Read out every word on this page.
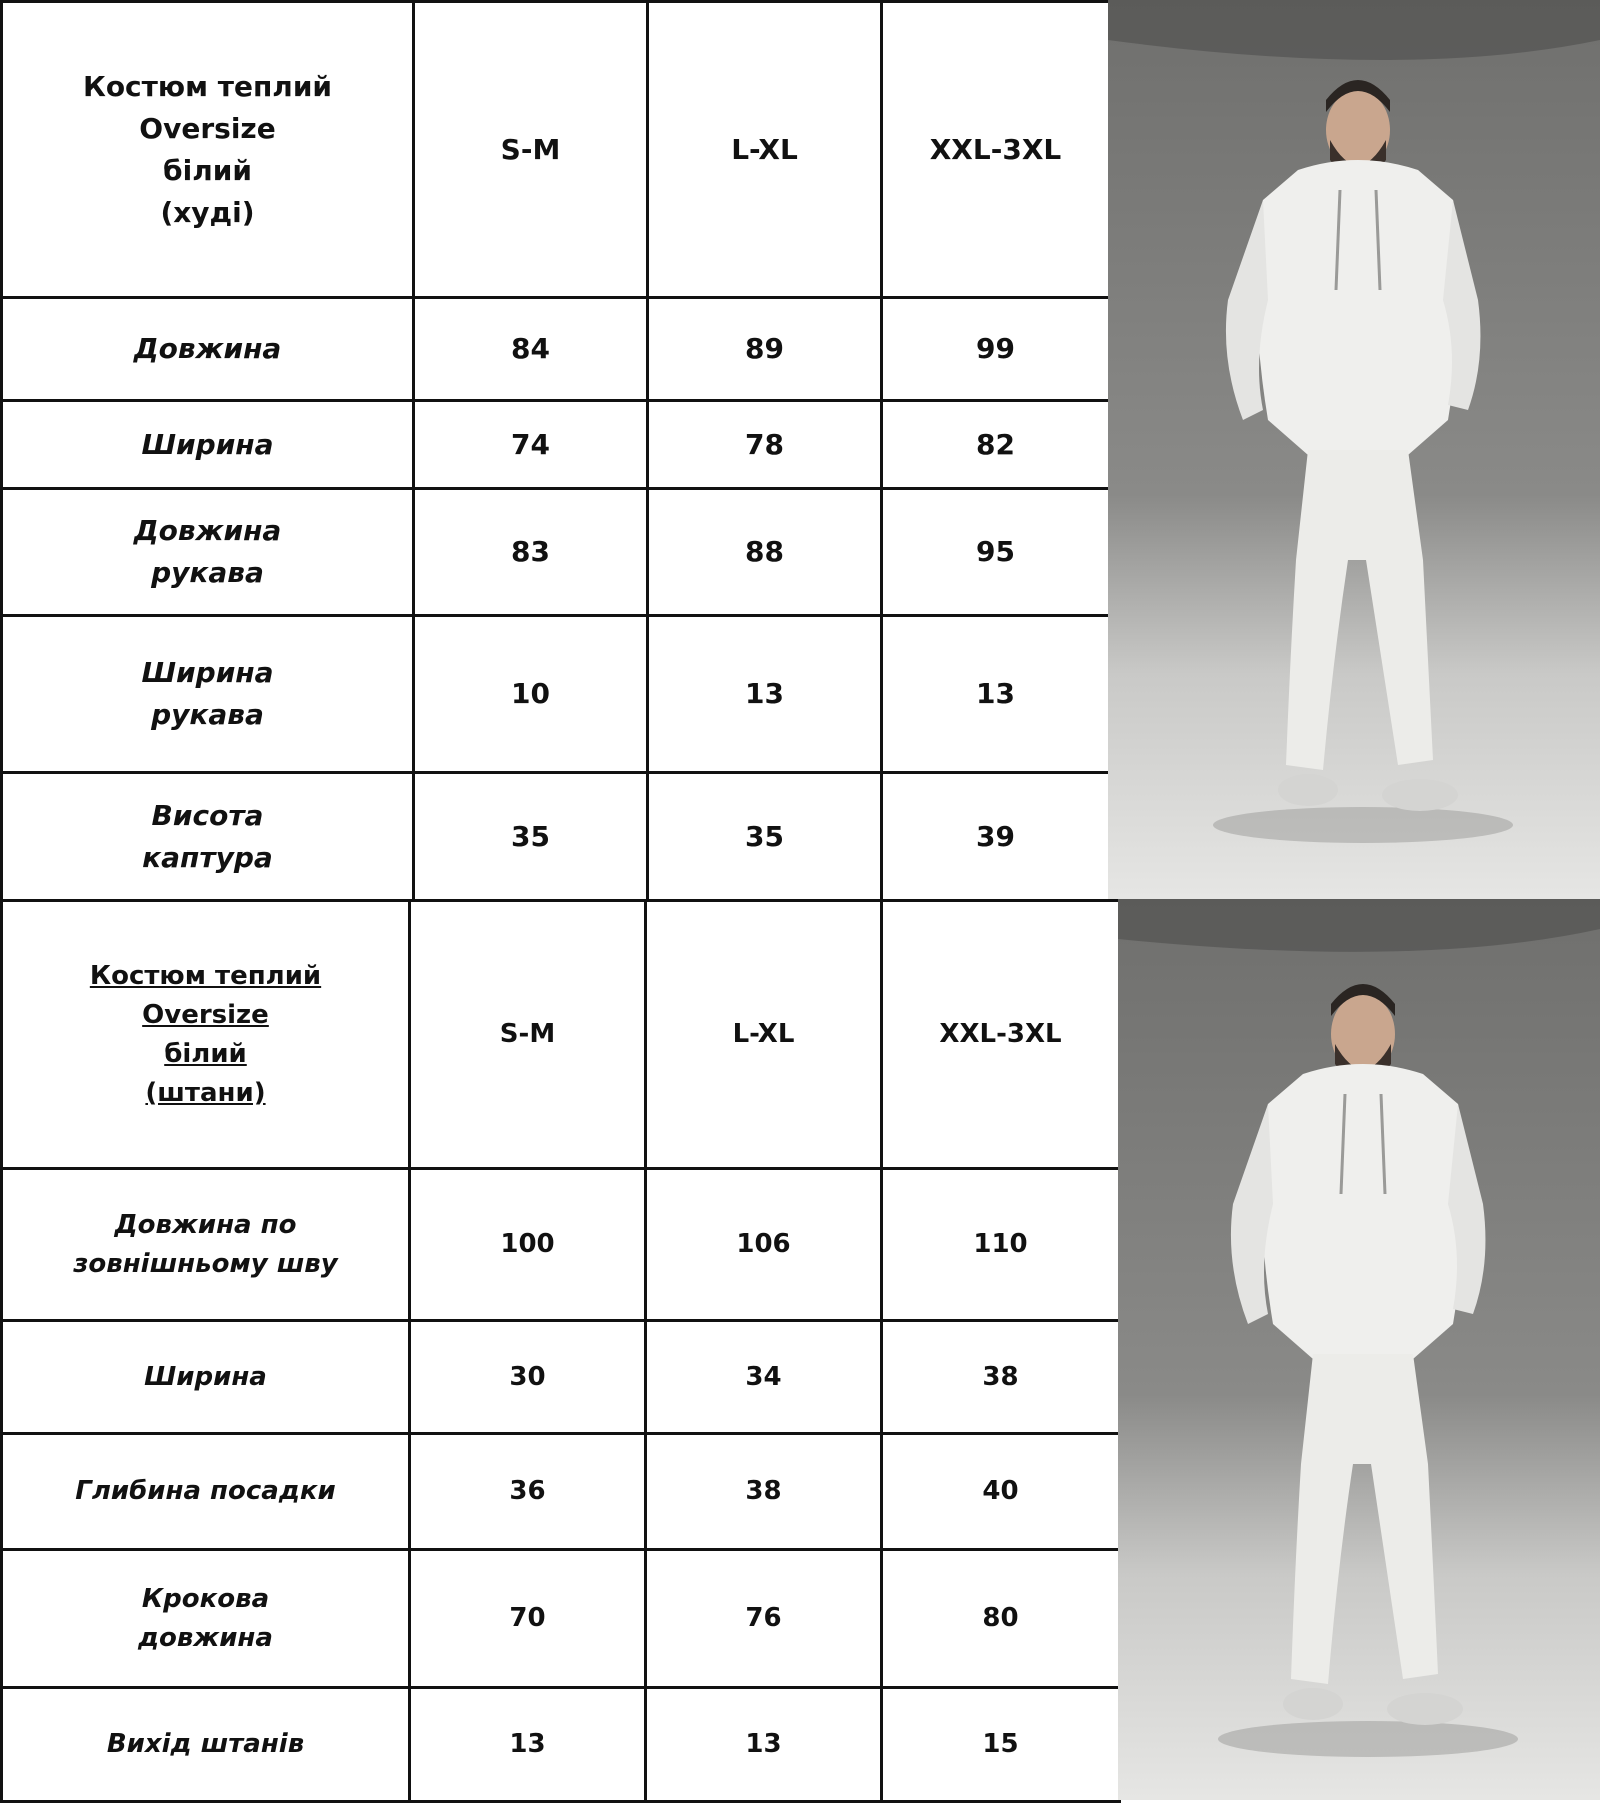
Костюм теплий
Oversize
білий
(худі)	S-M	L-XL	XXL-3XL

Довжина	84	89	99

Ширина	74	78	82

Довжина
рукава	83	88	95

Ширина
рукава	10	13	13

Висота
каптура	35	35	39
Костюм теплий
Oversize
білий
(штани)	S-M	L-XL	XXL-3XL

Довжина по
зовнішньому шву	100	106	110

Ширина	30	34	38

Глибина посадки	36	38	40

Крокова
довжина	70	76	80

Вихід штанів	13	13	15
